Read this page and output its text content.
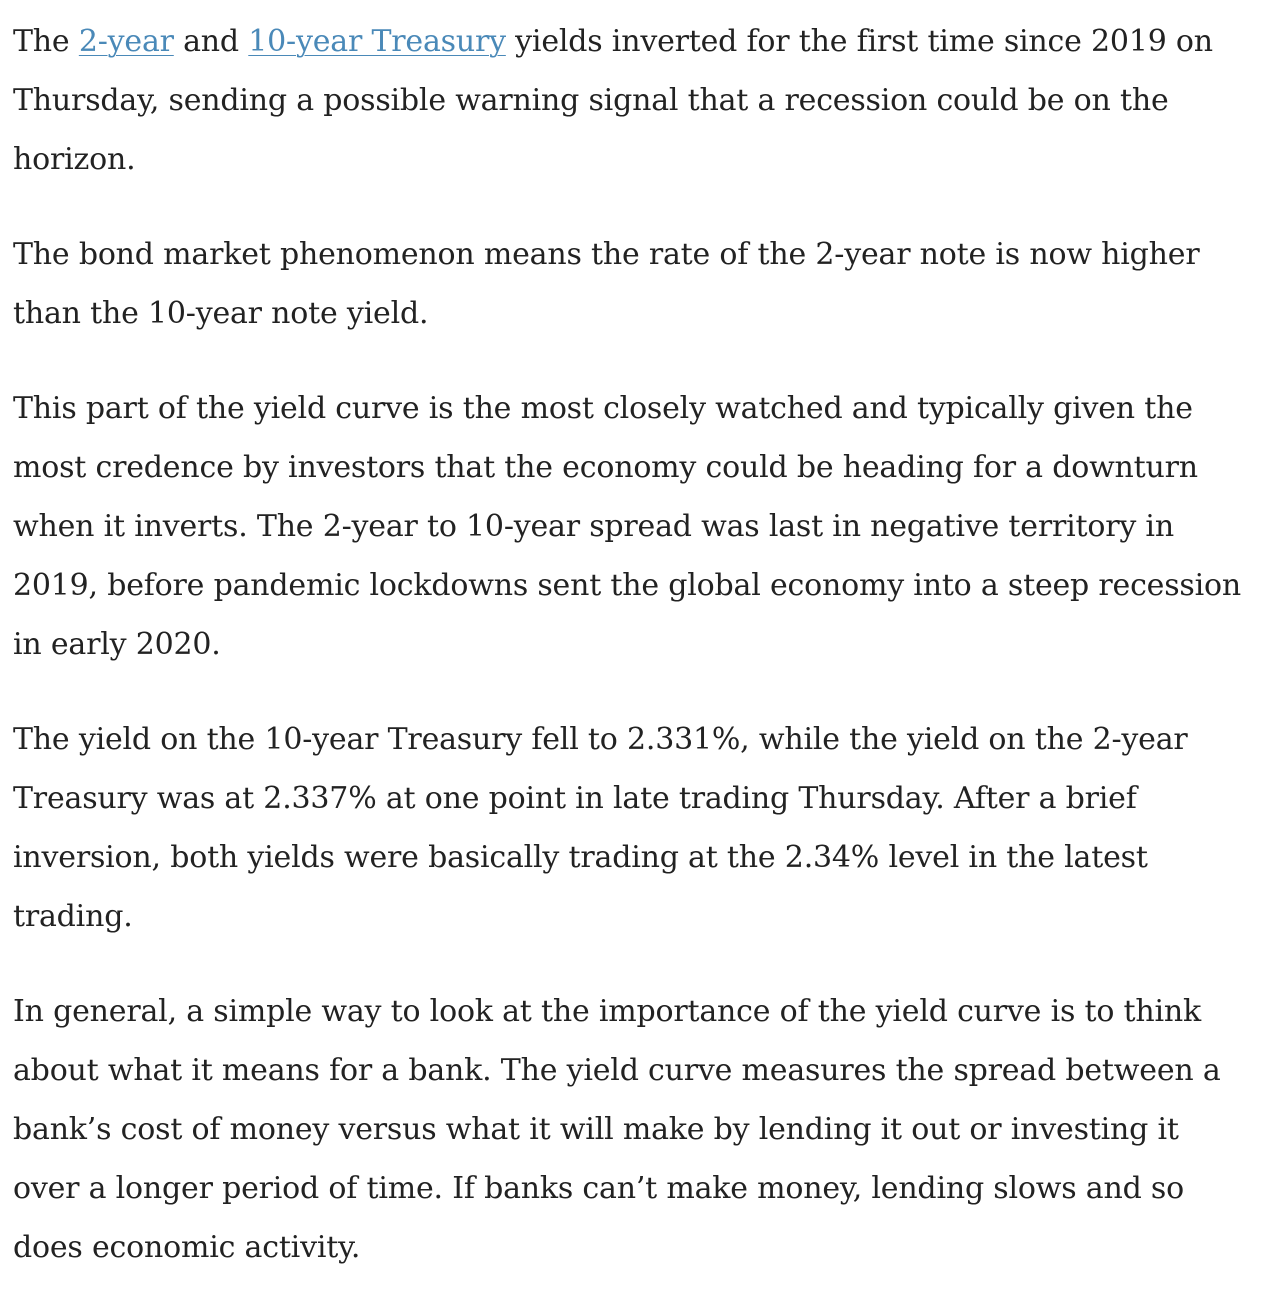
The 2-year and 10-year Treasury yields inverted for the first time since 2019 on Thursday, sending a possible warning signal that a recession could be on the horizon.

The bond market phenomenon means the rate of the 2-year note is now higher than the 10-year note yield.

This part of the yield curve is the most closely watched and typically given the most credence by investors that the economy could be heading for a downturn when it inverts. The 2-year to 10-year spread was last in negative territory in 2019, before pandemic lockdowns sent the global economy into a steep recession in early 2020.

The yield on the 10-year Treasury fell to 2.331%, while the yield on the 2-year Treasury was at 2.337% at one point in late trading Thursday. After a brief inversion, both yields were basically trading at the 2.34% level in the latest trading.

In general, a simple way to look at the importance of the yield curve is to think about what it means for a bank. The yield curve measures the spread between a bank’s cost of money versus what it will make by lending it out or investing it over a longer period of time. If banks can’t make money, lending slows and so does economic activity.
